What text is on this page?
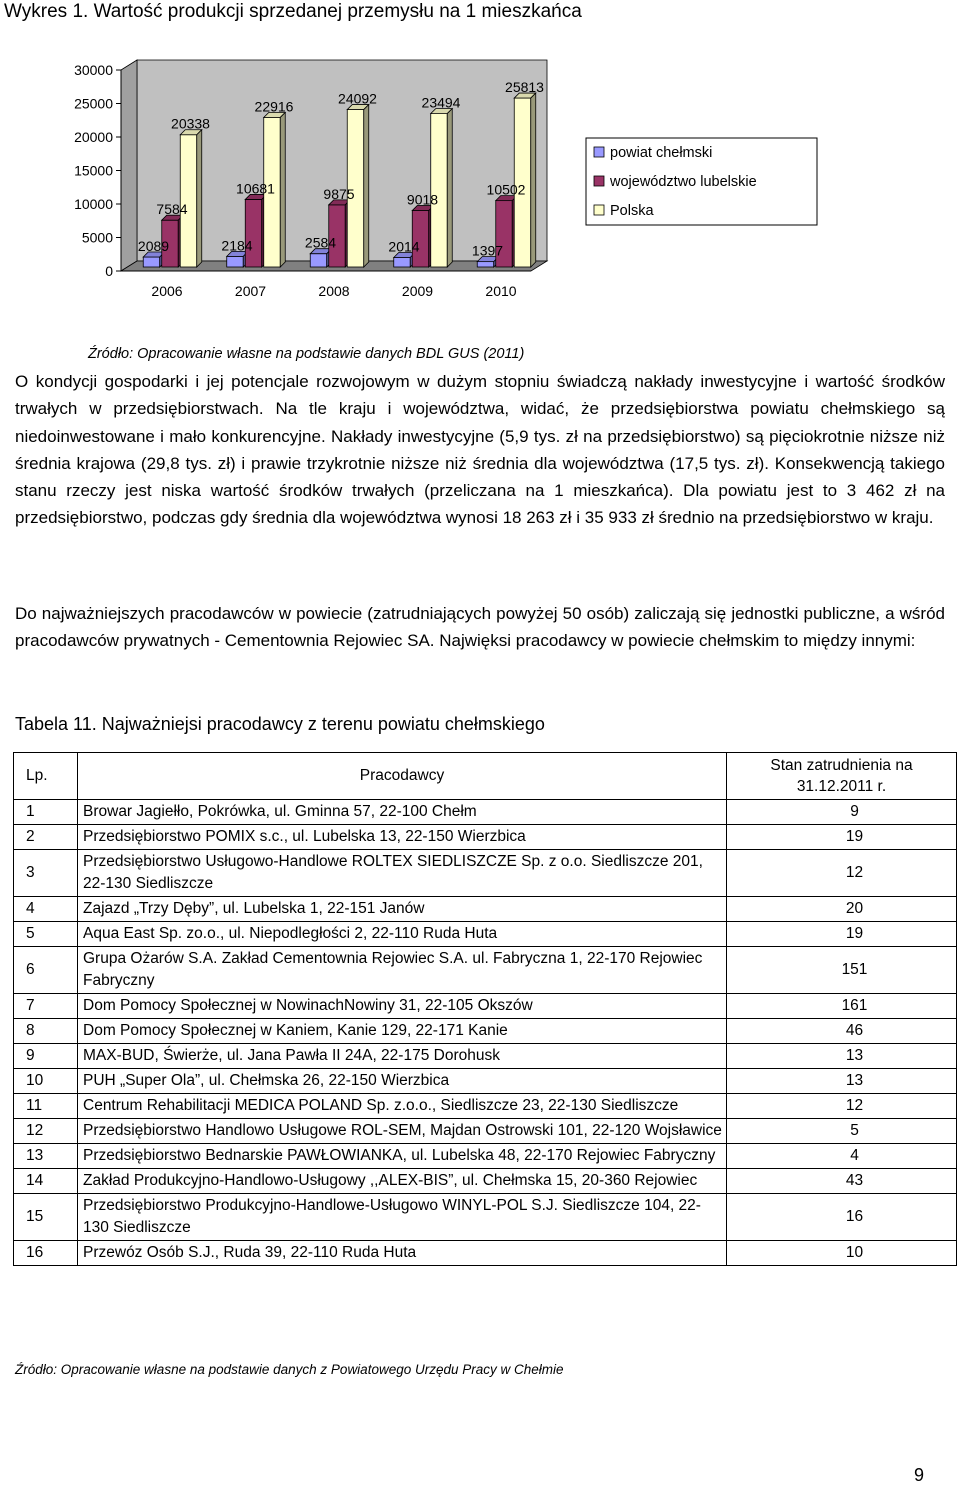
Wykres 1. Wartość produkcji sprzedanej przemysłu na 1 mieszkańca
2089
7584
20338
2184
10681
22916
2584
9875
24092
2014
9018
23494
1397
10502
25813
30000
25000
20000
15000
10000
5000
0
2006	2007	2008	2009	2010
powiat chełmski
województwo lubelskie
Polska
Źródło: Opracowanie własne na podstawie danych BDL GUS (2011)
O kondycji gospodarki i jej potencjale rozwojowym w dużym stopniu świadczą nakłady inwestycyjne i wartość środków trwałych w przedsiębiorstwach. Na tle kraju i województwa, widać, że przedsiębiorstwa powiatu chełmskiego są niedoinwestowane i mało konkurencyjne. Nakłady inwestycyjne (5,9 tys. zł na przedsiębiorstwo) są pięciokrotnie niższe niż średnia krajowa (29,8 tys. zł) i prawie trzykrotnie niższe niż średnia dla województwa (17,5 tys. zł). Konsekwencją takiego stanu rzeczy jest niska wartość środków trwałych (przeliczana na 1 mieszkańca). Dla powiatu jest to 3 462 zł na przedsiębiorstwo, podczas gdy średnia dla województwa wynosi 18 263 zł i 35 933 zł średnio na przedsiębiorstwo w kraju.
Do najważniejszych pracodawców w powiecie (zatrudniających powyżej 50 osób) zaliczają się jednostki publiczne, a wśród pracodawców prywatnych - Cementownia Rejowiec SA. Najwięksi pracodawcy w powiecie chełmskim to między innymi:
Tabela 11. Najważniejsi pracodawcy z terenu powiatu chełmskiego
Lp.	Pracodawcy	Stan zatrudnienia na 31.12.2011 r.
1	Browar Jagiełło, Pokrówka, ul. Gminna 57, 22-100 Chełm	9
2	Przedsiębiorstwo POMIX s.c., ul. Lubelska 13, 22-150 Wierzbica	19
3	Przedsiębiorstwo Usługowo-Handlowe ROLTEX SIEDLISZCZE Sp. z o.o. Siedliszcze 201, 22-130 Siedliszcze	12
4	Zajazd „Trzy Dęby”, ul. Lubelska 1, 22-151 Janów	20
5	Aqua East Sp. zo.o., ul. Niepodległości 2, 22-110 Ruda Huta	19
6	Grupa Ożarów S.A. Zakład Cementownia Rejowiec S.A. ul. Fabryczna 1, 22-170 Rejowiec Fabryczny	151
7	Dom Pomocy Społecznej w NowinachNowiny 31, 22-105 Okszów	161
8	Dom Pomocy Społecznej w Kaniem, Kanie 129, 22-171 Kanie	46
9	MAX-BUD, Świerże, ul. Jana Pawła II 24A, 22-175 Dorohusk	13
10	PUH „Super Ola”, ul. Chełmska 26, 22-150 Wierzbica	13
11	Centrum Rehabilitacji MEDICA POLAND Sp. z.o.o., Siedliszcze 23, 22-130 Siedliszcze	12
12	Przedsiębiorstwo Handlowo Usługowe ROL-SEM, Majdan Ostrowski 101, 22-120 Wojsławice	5
13	Przedsiębiorstwo Bednarskie PAWŁOWIANKA, ul. Lubelska 48, 22-170 Rejowiec Fabryczny	4
14	Zakład Produkcyjno-Handlowo-Usługowy ,,ALEX-BIS”, ul. Chełmska 15, 20-360 Rejowiec	43
15	Przedsiębiorstwo Produkcyjno-Handlowe-Usługowo WINYL-POL S.J. Siedliszcze 104, 22-130 Siedliszcze	16
16	Przewóz Osób S.J., Ruda 39, 22-110 Ruda Huta	10
Źródło: Opracowanie własne na podstawie danych z Powiatowego Urzędu Pracy w Chełmie
9
